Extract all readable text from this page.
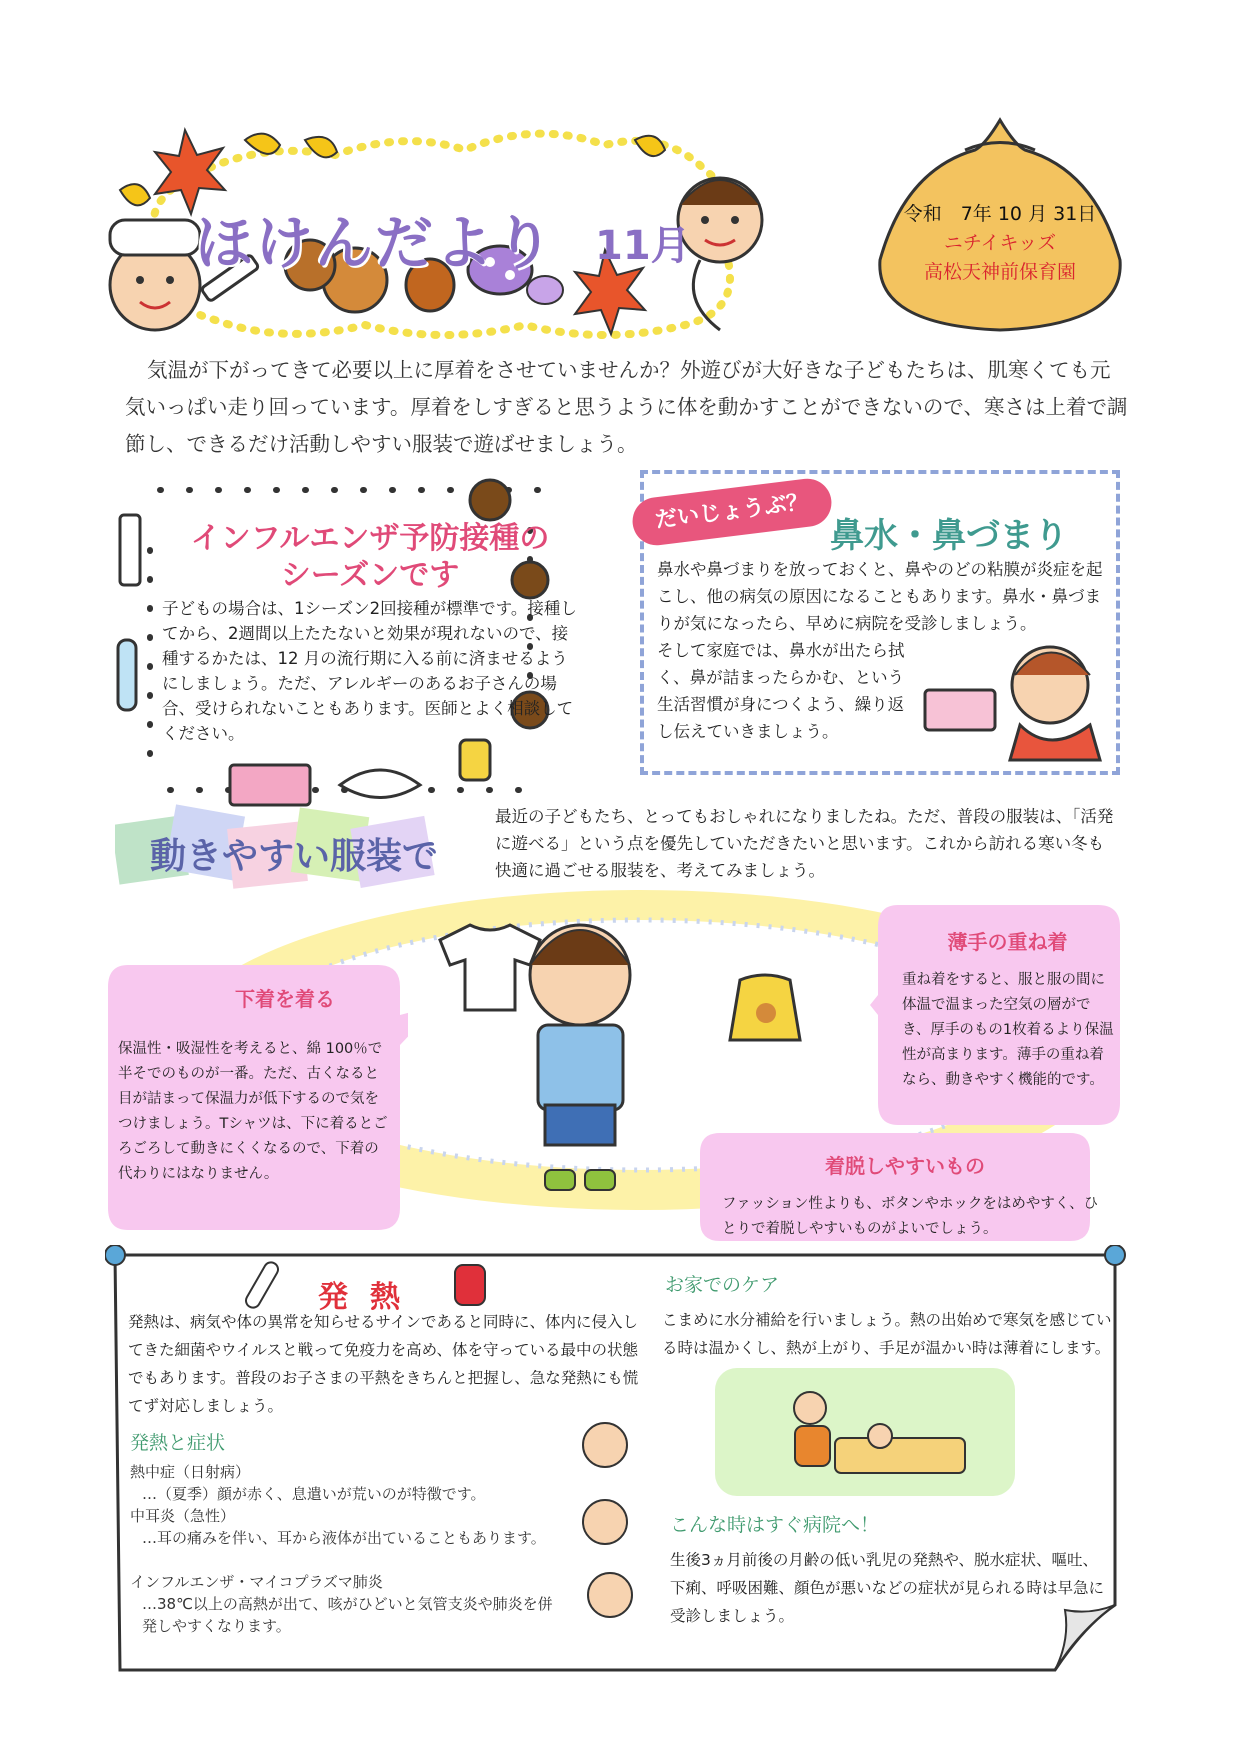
ほけんだより 11月
令和　7年 10 月 31日
ニチイキッズ
高松天神前保育園

気温が下がってきて必要以上に厚着をさせていませんか？外遊びが大好きな子どもたちは、肌寒くても元気いっぱい走り回っています。厚着をしすぎると思うように体を動かすことができないので、寒さは上着で調節し、できるだけ活動しやすい服装で遊ばせましょう。

インフルエンザ予防接種の
シーズンです

子どもの場合は、1シーズン2回接種が標準です。接種してから、2週間以上たたないと効果が現れないので、接種するかたは、12 月の流行期に入る前に済ませるようにしましょう。ただ、アレルギーのあるお子さんの場合、受けられないこともあります。医師とよく相談してください。

だいじょうぶ？
鼻水・鼻づまり

鼻水や鼻づまりを放っておくと、鼻やのどの粘膜が炎症を起こし、他の病気の原因になることもあります。鼻水・鼻づまりが気になったら、早めに病院を受診しましょう。

そして家庭では、鼻水が出たら拭く、鼻が詰まったらかむ、という生活習慣が身につくよう、繰り返し伝えていきましょう。

動きやすい服装で

最近の子どもたち、とってもおしゃれになりましたね。ただ、普段の服装は、「活発に遊べる」という点を優先していただきたいと思います。これから訪れる寒い冬も快適に過ごせる服装を、考えてみましょう。

下着を着る

保温性・吸湿性を考えると、綿 100％で半そでのものが一番。ただ、古くなると目が詰まって保温力が低下するので気をつけましょう。Tシャツは、下に着るとごろごろして動きにくくなるので、下着の代わりにはなりません。

薄手の重ね着

重ね着をすると、服と服の間に体温で温まった空気の層ができ、厚手のもの1枚着るより保温性が高まります。薄手の重ね着なら、動きやすく機能的です。

着脱しやすいもの

ファッション性よりも、ボタンやホックをはめやすく、ひとりで着脱しやすいものがよいでしょう。

発熱

発熱は、病気や体の異常を知らせるサインであると同時に、体内に侵入してきた細菌やウイルスと戦って免疫力を高め、体を守っている最中の状態でもあります。普段のお子さまの平熱をきちんと把握し、急な発熱にも慌てず対応しましょう。

発熱と症状
熱中症（日射病）
…（夏季）顔が赤く、息遣いが荒いのが特徴です。
中耳炎（急性）
…耳の痛みを伴い、耳から液体が出ていることもあります。
インフルエンザ・マイコプラズマ肺炎
…38℃以上の高熱が出て、咳がひどいと気管支炎や肺炎を併発しやすくなります。
お家でのケア

こまめに水分補給を行いましょう。熱の出始めで寒気を感じている時は温かくし、熱が上がり、手足が温かい時は薄着にします。

こんな時はすぐ病院へ！

生後3ヵ月前後の月齢の低い乳児の発熱や、脱水症状、嘔吐、下痢、呼吸困難、顔色が悪いなどの症状が見られる時は早急に受診しましょう。
